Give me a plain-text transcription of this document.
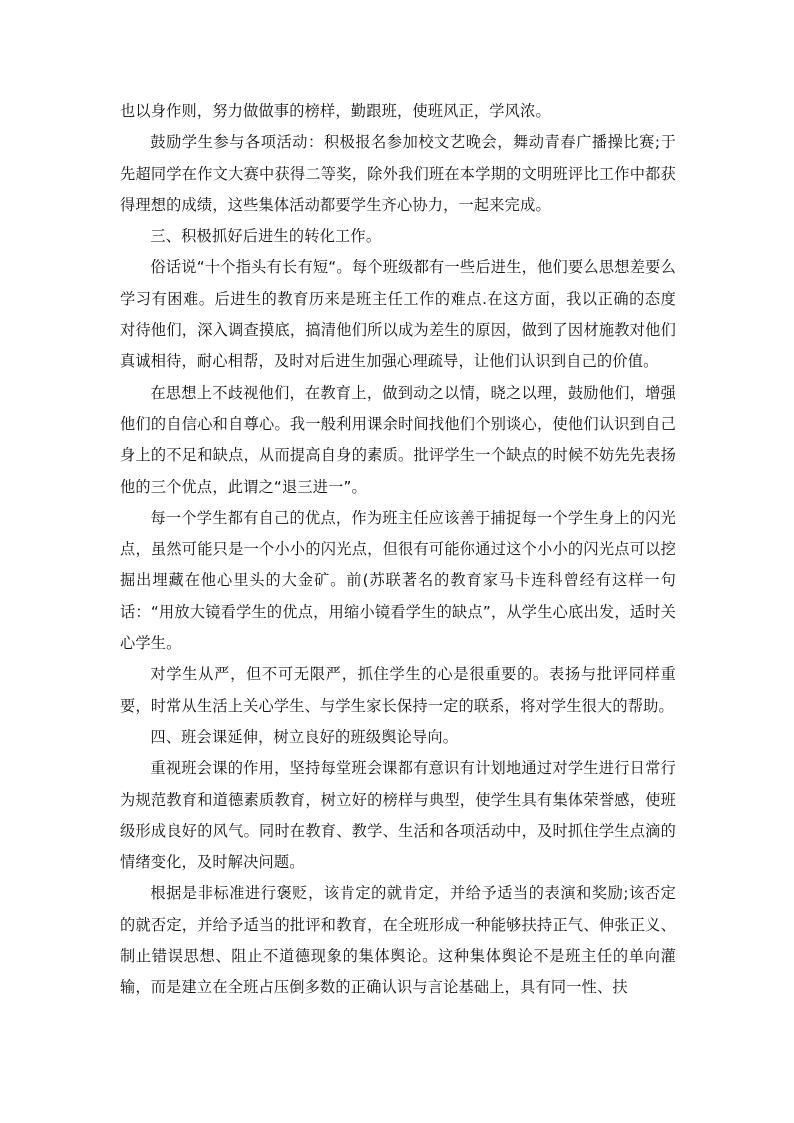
也以身作则，努力做做事的榜样，勤跟班，使班风正，学风浓。

鼓励学生参与各项活动：积极报名参加校文艺晚会，舞动青春广播操比赛;于先超同学在作文大赛中获得二等奖，除外我们班在本学期的文明班评比工作中都获得理想的成绩，这些集体活动都要学生齐心协力，一起来完成。

三、积极抓好后进生的转化工作。

俗话说“十个指头有长有短“。每个班级都有一些后进生，他们要么思想差要么学习有困难。后进生的教育历来是班主任工作的难点.在这方面，我以正确的态度对待他们，深入调查摸底，搞清他们所以成为差生的原因，做到了因材施教对他们真诚相待，耐心相帮，及时对后进生加强心理疏导，让他们认识到自己的价值。

在思想上不歧视他们，在教育上，做到动之以情，晓之以理，鼓励他们，增强他们的自信心和自尊心。我一般利用课余时间找他们个别谈心，使他们认识到自己身上的不足和缺点，从而提高自身的素质。批评学生一个缺点的时候不妨先先表扬他的三个优点，此谓之“退三进一”。

每一个学生都有自己的优点，作为班主任应该善于捕捉每一个学生身上的闪光点，虽然可能只是一个小小的闪光点，但很有可能你通过这个小小的闪光点可以挖掘出埋藏在他心里头的大金矿。前(苏联著名的教育家马卡连科曾经有这样一句话：“用放大镜看学生的优点，用缩小镜看学生的缺点”，从学生心底出发，适时关心学生。

对学生从严，但不可无限严，抓住学生的心是很重要的。表扬与批评同样重要，时常从生活上关心学生、与学生家长保持一定的联系，将对学生很大的帮助。

四、班会课延伸，树立良好的班级舆论导向。

重视班会课的作用，坚持每堂班会课都有意识有计划地通过对学生进行日常行为规范教育和道德素质教育，树立好的榜样与典型，使学生具有集体荣誉感，使班级形成良好的风气。同时在教育、教学、生活和各项活动中，及时抓住学生点滴的情绪变化，及时解决问题。

根据是非标准进行褒贬，该肯定的就肯定，并给予适当的表演和奖励;该否定的就否定，并给予适当的批评和教育，在全班形成一种能够扶持正气、伸张正义、制止错误思想、阻止不道德现象的集体舆论。这种集体舆论不是班主任的单向灌输，而是建立在全班占压倒多数的正确认识与言论基础上，具有同一性、扶
